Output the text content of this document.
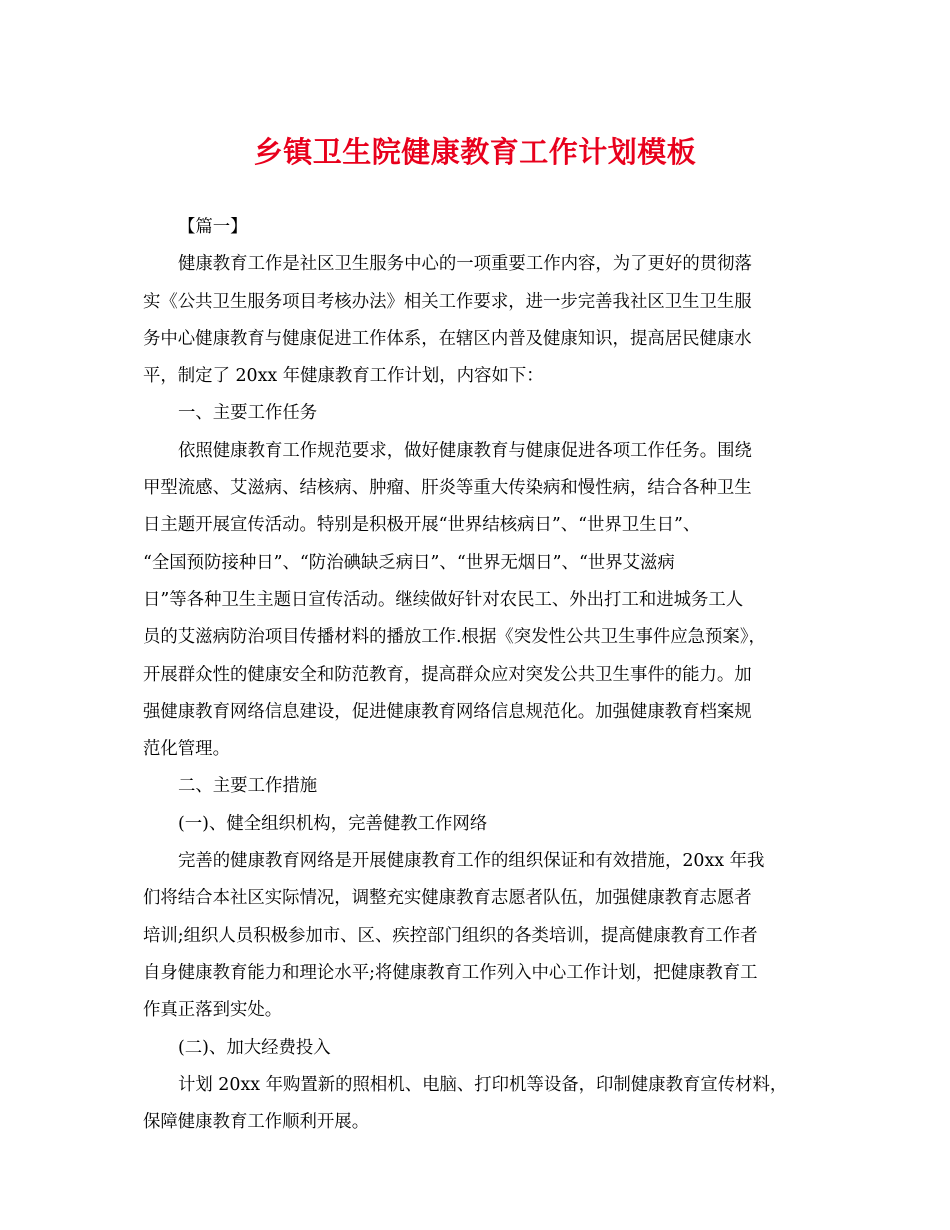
乡镇卫生院健康教育工作计划模板
【篇一】
健康教育工作是社区卫生服务中心的一项重要工作内容，为了更好的贯彻落
实《公共卫生服务项目考核办法》相关工作要求，进一步完善我社区卫生卫生服
务中心健康教育与健康促进工作体系，在辖区内普及健康知识，提高居民健康水
平，制定了 20xx 年健康教育工作计划，内容如下：
一、主要工作任务
依照健康教育工作规范要求，做好健康教育与健康促进各项工作任务。围绕
甲型流感、艾滋病、结核病、肿瘤、肝炎等重大传染病和慢性病，结合各种卫生
日主题开展宣传活动。特别是积极开展“世界结核病日”、“世界卫生日”、
“全国预防接种日”、“防治碘缺乏病日”、“世界无烟日”、“世界艾滋病
日”等各种卫生主题日宣传活动。继续做好针对农民工、外出打工和进城务工人
员的艾滋病防治项目传播材料的播放工作.根据《突发性公共卫生事件应急预案》，
开展群众性的健康安全和防范教育，提高群众应对突发公共卫生事件的能力。加
强健康教育网络信息建设，促进健康教育网络信息规范化。加强健康教育档案规
范化管理。
二、主要工作措施
(一)、健全组织机构，完善健教工作网络
完善的健康教育网络是开展健康教育工作的组织保证和有效措施，20xx 年我
们将结合本社区实际情况，调整充实健康教育志愿者队伍，加强健康教育志愿者
培训;组织人员积极参加市、区、疾控部门组织的各类培训，提高健康教育工作者
自身健康教育能力和理论水平;将健康教育工作列入中心工作计划，把健康教育工
作真正落到实处。
(二)、加大经费投入
计划 20xx 年购置新的照相机、电脑、打印机等设备，印制健康教育宣传材料，
保障健康教育工作顺利开展。
